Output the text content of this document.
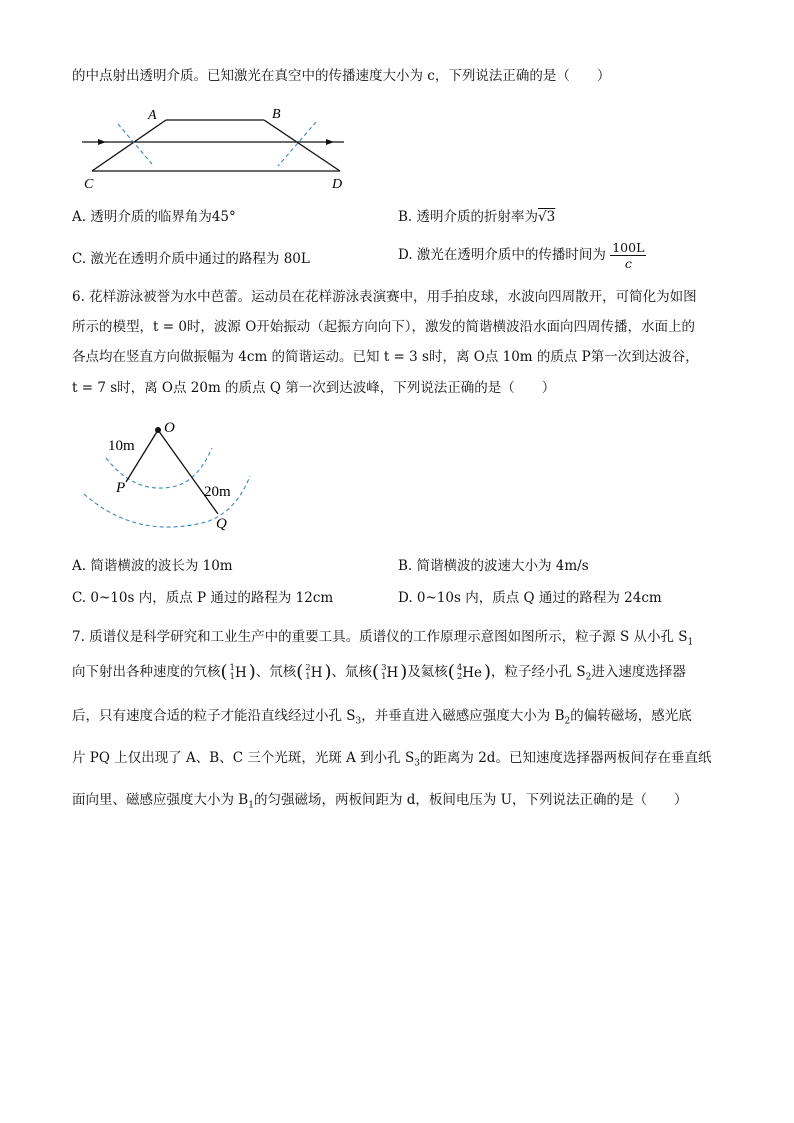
的中点射出透明介质。已知激光在真空中的传播速度大小为 c，下列说法正确的是（　　）
A	B
C	D
A. 透明介质的临界角为45°	B. 透明介质的折射率为√3
C. 激光在透明介质中通过的路程为 80L	D. 激光在透明介质中的传播时间为 $\frac{100L}{c}$
6. 花样游泳被誉为水中芭蕾。运动员在花样游泳表演赛中，用手拍皮球，水波向四周散开，可简化为如图
所示的模型，t = 0时，波源 O开始振动（起振方向向下），激发的简谐横波沿水面向四周传播，水面上的
各点均在竖直方向做振幅为 4cm 的简谐运动。已知 t = 3 s时，离 O点 10m 的质点 P第一次到达波谷，
t = 7 s时，离 O点 20m 的质点 Q 第一次到达波峰，下列说法正确的是（　　）
O
10m
P	20m
Q
A. 简谐横波的波长为 10m	B. 简谐横波的波速大小为 4m/s
C. 0~10s 内，质点 P 通过的路程为 12cm	D. 0~10s 内，质点 Q 通过的路程为 24cm
7. 质谱仪是科学研究和工业生产中的重要工具。质谱仪的工作原理示意图如图所示，粒子源 S 从小孔 $S_1$
向下射出各种速度的氕核( 1
1 H )、氘核( 2
1 H )、氚核( 3
1 H )及氦核( 4
2 He )，粒子经小孔 $S_2$进入速度选择器
后，只有速度合适的粒子才能沿直线经过小孔 $S_3$，并垂直进入磁感应强度大小为 $B_2$的偏转磁场，感光底
片 PQ 上仅出现了 A、B、C 三个光斑，光斑 A 到小孔 $S_3$的距离为 2d。已知速度选择器两板间存在垂直纸
面向里、磁感应强度大小为 $B_1$的匀强磁场，两板间距为 d，板间电压为 U，下列说法正确的是（　　）
